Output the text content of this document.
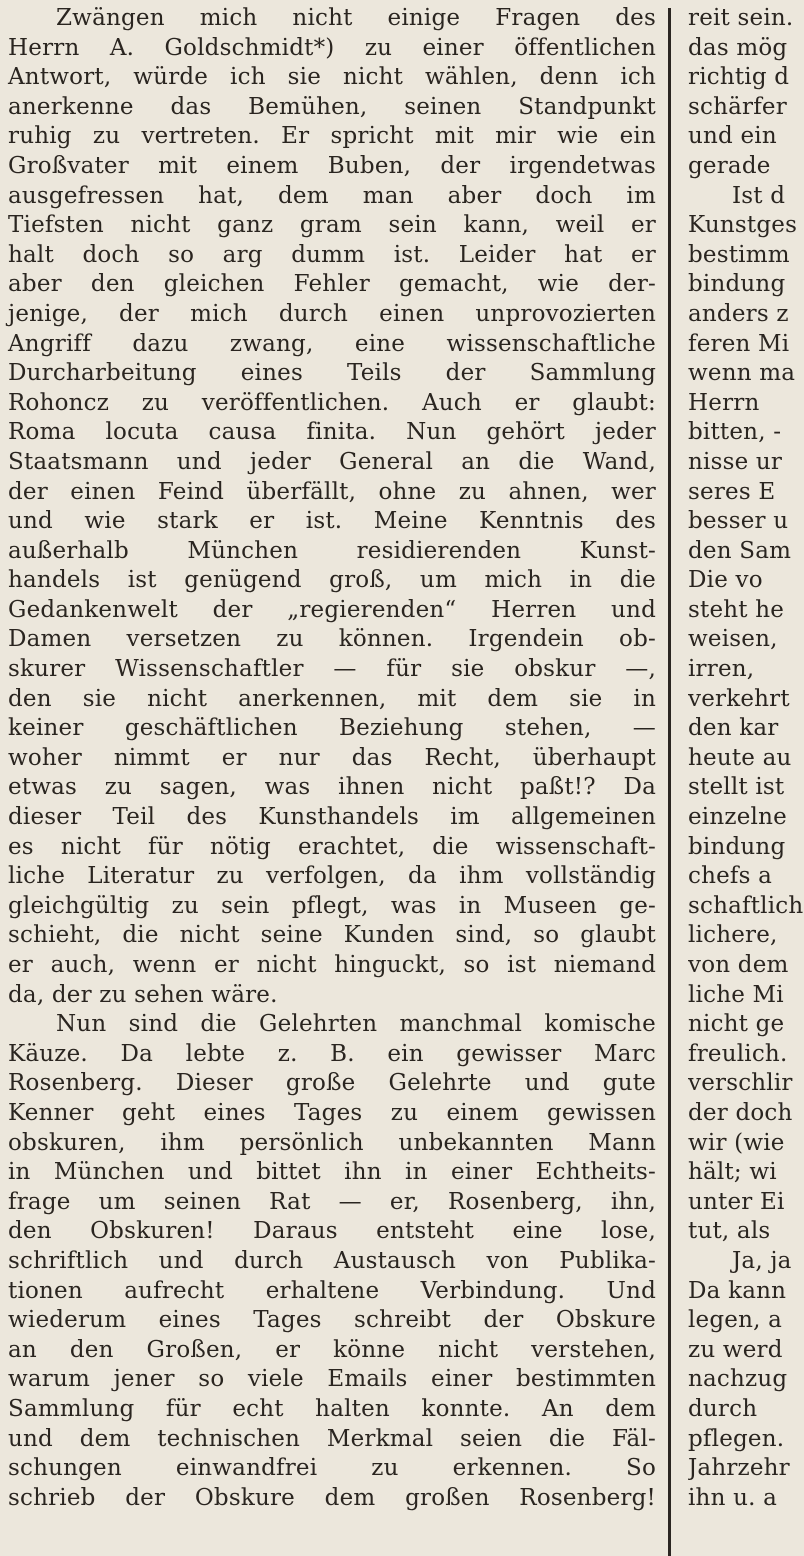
Zwängen mich nicht einige Fragen des
Herrn A. Goldschmidt*) zu einer öffentlichen
Antwort, würde ich sie nicht wählen, denn ich
anerkenne das Bemühen, seinen Standpunkt
ruhig zu vertreten. Er spricht mit mir wie ein
Großvater mit einem Buben, der irgendetwas
ausgefressen hat, dem man aber doch im
Tiefsten nicht ganz gram sein kann, weil er
halt doch so arg dumm ist. Leider hat er
aber den gleichen Fehler gemacht, wie der-
jenige, der mich durch einen unprovozierten
Angriff dazu zwang, eine wissenschaftliche
Durcharbeitung eines Teils der Sammlung
Rohoncz zu veröffentlichen. Auch er glaubt:
Roma locuta causa finita. Nun gehört jeder
Staatsmann und jeder General an die Wand,
der einen Feind überfällt, ohne zu ahnen, wer
und wie stark er ist. Meine Kenntnis des
außerhalb München residierenden Kunst-
handels ist genügend groß, um mich in die
Gedankenwelt der „regierenden“ Herren und
Damen versetzen zu können. Irgendein ob-
skurer Wissenschaftler — für sie obskur —,
den sie nicht anerkennen, mit dem sie in
keiner geschäftlichen Beziehung stehen, —
woher nimmt er nur das Recht, überhaupt
etwas zu sagen, was ihnen nicht paßt!? Da
dieser Teil des Kunsthandels im allgemeinen
es nicht für nötig erachtet, die wissenschaft-
liche Literatur zu verfolgen, da ihm vollständig
gleichgültig zu sein pflegt, was in Museen ge-
schieht, die nicht seine Kunden sind, so glaubt
er auch, wenn er nicht hinguckt, so ist niemand
da, der zu sehen wäre.
Nun sind die Gelehrten manchmal komische
Käuze. Da lebte z. B. ein gewisser Marc
Rosenberg. Dieser große Gelehrte und gute
Kenner geht eines Tages zu einem gewissen
obskuren, ihm persönlich unbekannten Mann
in München und bittet ihn in einer Echtheits-
frage um seinen Rat — er, Rosenberg, ihn,
den Obskuren! Daraus entsteht eine lose,
schriftlich und durch Austausch von Publika-
tionen aufrecht erhaltene Verbindung. Und
wiederum eines Tages schreibt der Obskure
an den Großen, er könne nicht verstehen,
warum jener so viele Emails einer bestimmten
Sammlung für echt halten konnte. An dem
und dem technischen Merkmal seien die Fäl-
schungen einwandfrei zu erkennen. So
schrieb der Obskure dem großen Rosenberg!
reit sein.
das mög
richtig d
schärfer
und ein
gerade
Ist d
Kunstges
bestimm
bindung
anders z
feren Mi
wenn ma
Herrn
bitten, -
nisse ur
seres E
besser u
den Sam
Die vo
steht he
weisen,
irren,
verkehrt
den kar
heute au
stellt ist
einzelne
bindung
chefs a
schaftlich
lichere,
von dem
liche Mi
nicht ge
freulich.
verschlir
der doch
wir (wie
hält; wi
unter Ei
tut, als
Ja, ja
Da kann
legen, a
zu werd
nachzug
durch
pflegen.
Jahrzehr
ihn u. a
